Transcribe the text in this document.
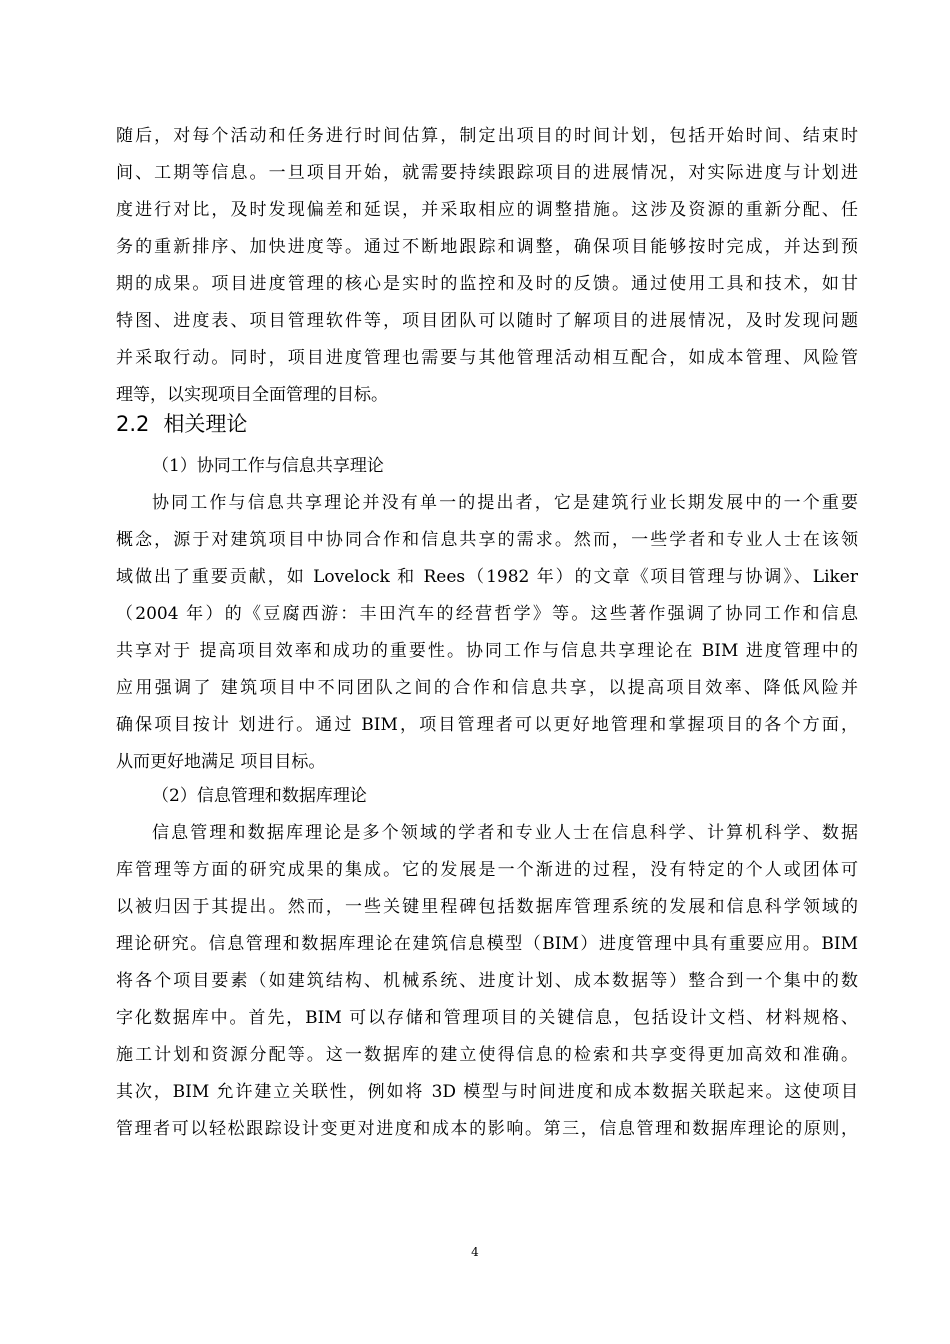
随后，对每个活动和任务进行时间估算，制定出项目的时间计划，包括开始时间、结束时
间、工期等信息。一旦项目开始，就需要持续跟踪项目的进展情况，对实际进度与计划进
度进行对比，及时发现偏差和延误，并采取相应的调整措施。这涉及资源的重新分配、任
务的重新排序、加快进度等。通过不断地跟踪和调整，确保项目能够按时完成，并达到预
期的成果。项目进度管理的核心是实时的监控和及时的反馈。通过使用工具和技术，如甘
特图、进度表、项目管理软件等，项目团队可以随时了解项目的进展情况，及时发现问题
并采取行动。同时，项目进度管理也需要与其他管理活动相互配合，如成本管理、风险管
理等，以实现项目全面管理的目标。
2.2 相关理论
（1）协同工作与信息共享理论
协同工作与信息共享理论并没有单一的提出者，它是建筑行业长期发展中的一个重要
概念，源于对建筑项目中协同合作和信息共享的需求。然而，一些学者和专业人士在该领
域做出了重要贡献，如 Lovelock 和 Rees（1982 年）的文章《项目管理与协调》、Liker
（2004 年）的《豆腐西游：丰田汽车的经营哲学》等。这些著作强调了协同工作和信息
共享对于 提高项目效率和成功的重要性。协同工作与信息共享理论在 BIM 进度管理中的
应用强调了 建筑项目中不同团队之间的合作和信息共享，以提高项目效率、降低风险并
确保项目按计 划进行。通过 BIM，项目管理者可以更好地管理和掌握项目的各个方面，
从而更好地满足 项目目标。
（2）信息管理和数据库理论
信息管理和数据库理论是多个领域的学者和专业人士在信息科学、计算机科学、数据
库管理等方面的研究成果的集成。它的发展是一个渐进的过程，没有特定的个人或团体可
以被归因于其提出。然而，一些关键里程碑包括数据库管理系统的发展和信息科学领域的
理论研究。信息管理和数据库理论在建筑信息模型（BIM）进度管理中具有重要应用。BIM
将各个项目要素（如建筑结构、机械系统、进度计划、成本数据等）整合到一个集中的数
字化数据库中。首先，BIM 可以存储和管理项目的关键信息，包括设计文档、材料规格、
施工计划和资源分配等。这一数据库的建立使得信息的检索和共享变得更加高效和准确。
其次，BIM 允许建立关联性，例如将 3D 模型与时间进度和成本数据关联起来。这使项目
管理者可以轻松跟踪设计变更对进度和成本的影响。第三，信息管理和数据库理论的原则，
4
